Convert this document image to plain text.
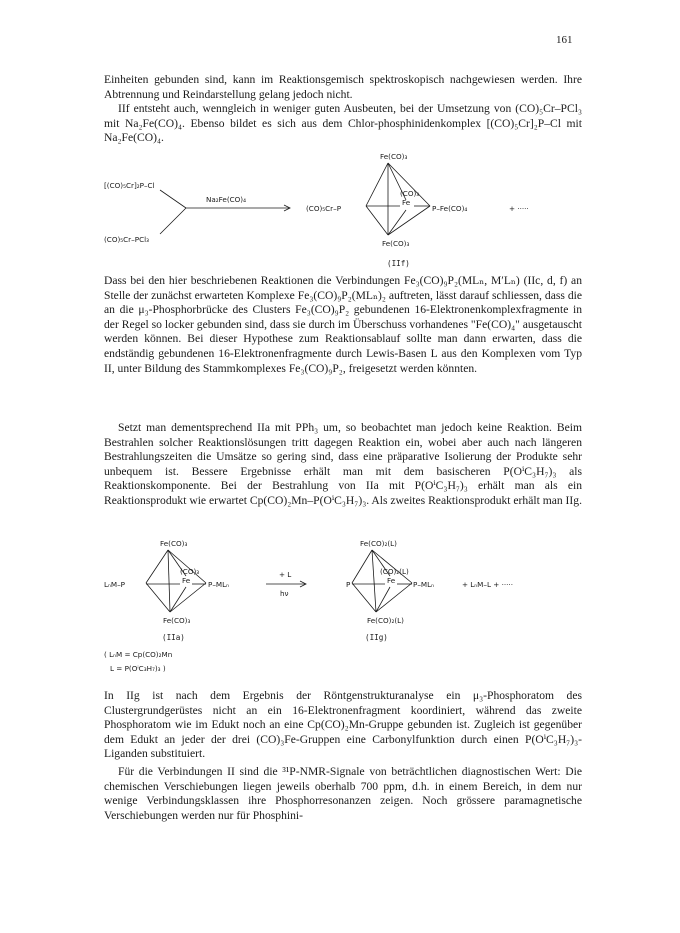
161

Einheiten gebunden sind, kann im Reaktionsgemisch spektroskopisch nachgewiesen werden. Ihre Abtrennung und Reindarstellung gelang jedoch nicht.

IIf entsteht auch, wenngleich in weniger guten Ausbeuten, bei der Umsetzung von (CO)₅Cr–PCl₃ mit Na₂Fe(CO)₄. Ebenso bildet es sich aus dem Chlor-phosphinidenkomplex [(CO)₅Cr]₂P–Cl mit Na₂Fe(CO)₄.

[(CO)₅Cr]₂P–Cl
(CO)₅Cr–PCl₃
Na₂Fe(CO)₄
Fe(CO)₃
(CO)₅Cr–P
(CO)₃
Fe
P–Fe(CO)₄	+ ·····
Fe(CO)₃
(IIf)

Dass bei den hier beschriebenen Reaktionen die Verbindungen Fe₃(CO)₉P₂(MLₙ, M′Lₙ) (IIc, d, f) an Stelle der zunächst erwarteten Komplexe Fe₃(CO)₉P₂(MLₙ)₂ auftreten, lässt darauf schliessen, dass die an die μ₃-Phosphorbrücke des Clusters Fe₃(CO)₉P₂ gebundenen 16-Elektronenkomplexfragmente in der Regel so locker gebunden sind, dass sie durch im Überschuss vorhandenes "Fe(CO)₄" ausgetauscht werden können. Bei dieser Hypothese zum Reaktionsablauf sollte man dann erwarten, dass die endständig gebundenen 16-Elektronenfragmente durch Lewis-Basen L aus den Komplexen vom Typ II, unter Bildung des Stammkomplexes Fe₃(CO)₉P₂, freigesetzt werden könnten.

Setzt man dementsprechend IIa mit PPh₃ um, so beobachtet man jedoch keine Reaktion. Beim Bestrahlen solcher Reaktionslösungen tritt dagegen Reaktion ein, wobei aber auch nach längeren Bestrahlungszeiten die Umsätze so gering sind, dass eine präparative Isolierung der Produkte sehr unbequem ist. Bessere Ergebnisse erhält man mit dem basischeren P(OⁱC₃H₇)₃ als Reaktionskomponente. Bei der Bestrahlung von IIa mit P(OⁱC₃H₇)₃ erhält man als ein Reaktionsprodukt wie erwartet Cp(CO)₂Mn–P(OⁱC₃H₇)₃. Als zweites Reaktionsprodukt erhält man IIg.

Fe(CO)₃
LₙM–P
(CO)₃
Fe P–MLₙ
Fe(CO)₃
(IIa)
+ L
hν
Fe(CO)₂(L)
P
(CO)₂(L)
Fe P–MLₙ	+ LₙM–L + ·····
Fe(CO)₂(L)
(IIg)
( LₙM = Cp(CO)₂Mn
L = P(OⁱC₃H₇)₃ )

In IIg ist nach dem Ergebnis der Röntgenstrukturanalyse ein μ₃-Phosphoratom des Clustergrundgerüstes nicht an ein 16-Elektronenfragment koordiniert, während das zweite Phosphoratom wie im Edukt noch an eine Cp(CO)₂Mn-Gruppe gebunden ist. Zugleich ist gegenüber dem Edukt an jeder der drei (CO)₃Fe-Gruppen eine Carbonylfunktion durch einen P(OⁱC₃H₇)₃-Liganden substituiert.

Für die Verbindungen II sind die ³¹P-NMR-Signale von beträchtlichen diagnostischen Wert: Die chemischen Verschiebungen liegen jeweils oberhalb 700 ppm, d.h. in einem Bereich, in dem nur wenige Verbindungsklassen ihre Phosphorresonanzen zeigen. Noch grössere paramagnetische Verschiebungen werden nur für Phosphini-
